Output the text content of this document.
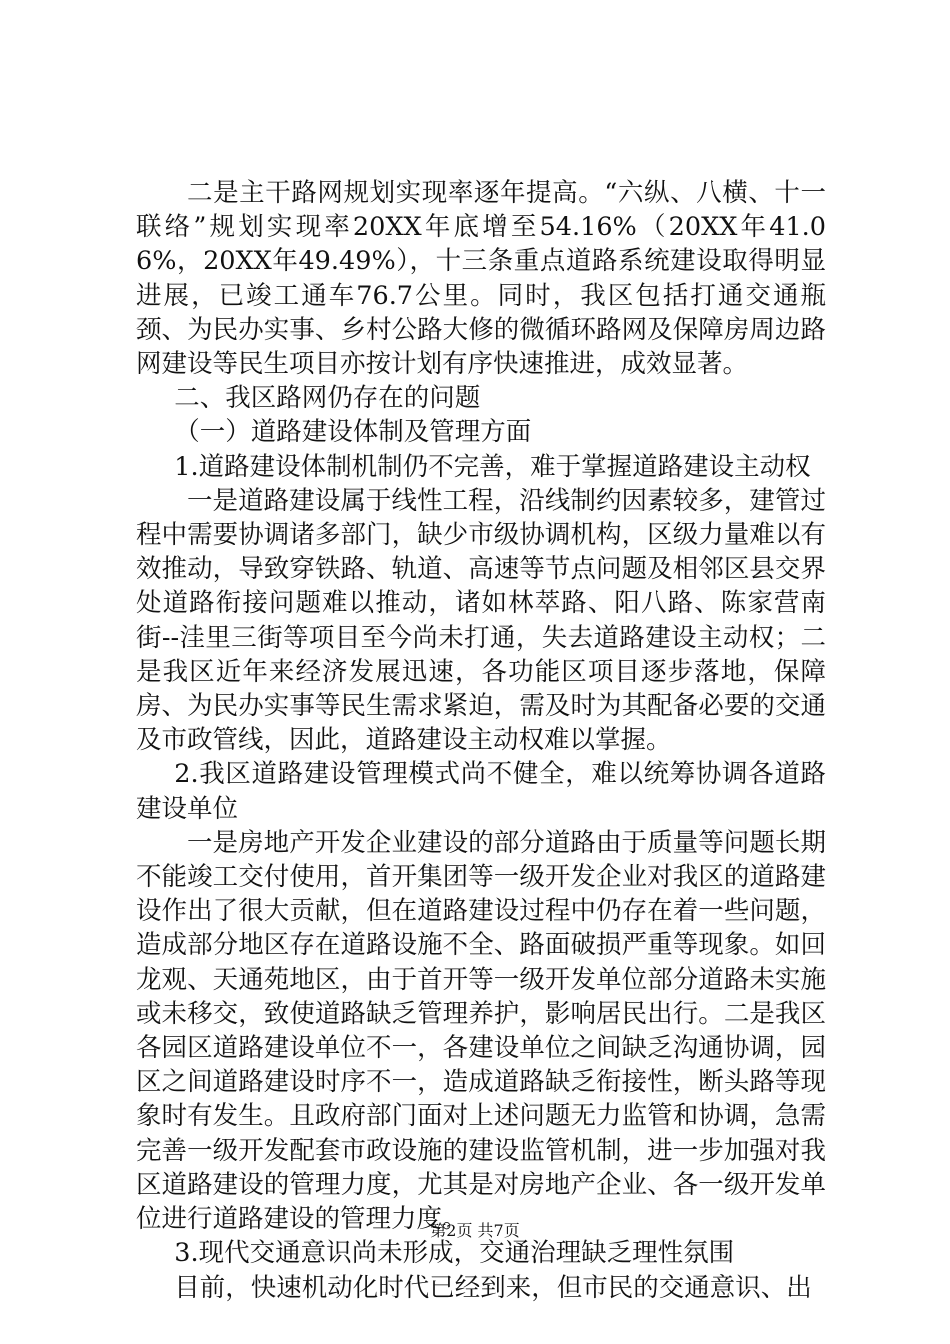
二是主干路网规划实现率逐年提高。“六纵、八横、十一联络”规划实现率20XX年底增至54.16%（20XX年41.06%，20XX年49.49%），十三条重点道路系统建设取得明显进展，已竣工通车76.7公里。同时，我区包括打通交通瓶颈、为民办实事、乡村公路大修的微循环路网及保障房周边路网建设等民生项目亦按计划有序快速推进，成效显著。

二、我区路网仍存在的问题

（一）道路建设体制及管理方面

1.道路建设体制机制仍不完善，难于掌握道路建设主动权

一是道路建设属于线性工程，沿线制约因素较多，建管过程中需要协调诸多部门，缺少市级协调机构，区级力量难以有效推动，导致穿铁路、轨道、高速等节点问题及相邻区县交界处道路衔接问题难以推动，诸如林萃路、阳八路、陈家营南街--洼里三街等项目至今尚未打通，失去道路建设主动权；二是我区近年来经济发展迅速，各功能区项目逐步落地，保障房、为民办实事等民生需求紧迫，需及时为其配备必要的交通及市政管线，因此，道路建设主动权难以掌握。

2.我区道路建设管理模式尚不健全，难以统筹协调各道路建设单位

一是房地产开发企业建设的部分道路由于质量等问题长期不能竣工交付使用，首开集团等一级开发企业对我区的道路建设作出了很大贡献，但在道路建设过程中仍存在着一些问题，造成部分地区存在道路设施不全、路面破损严重等现象。如回龙观、天通苑地区，由于首开等一级开发单位部分道路未实施或未移交，致使道路缺乏管理养护，影响居民出行。二是我区各园区道路建设单位不一，各建设单位之间缺乏沟通协调，园区之间道路建设时序不一，造成道路缺乏衔接性，断头路等现象时有发生。且政府部门面对上述问题无力监管和协调，急需完善一级开发配套市政设施的建设监管机制，进一步加强对我区道路建设的管理力度，尤其是对房地产企业、各一级开发单位进行道路建设的管理力度。

3.现代交通意识尚未形成，交通治理缺乏理性氛围

目前，快速机动化时代已经到来，但市民的交通意识、出

第2页 共7页
